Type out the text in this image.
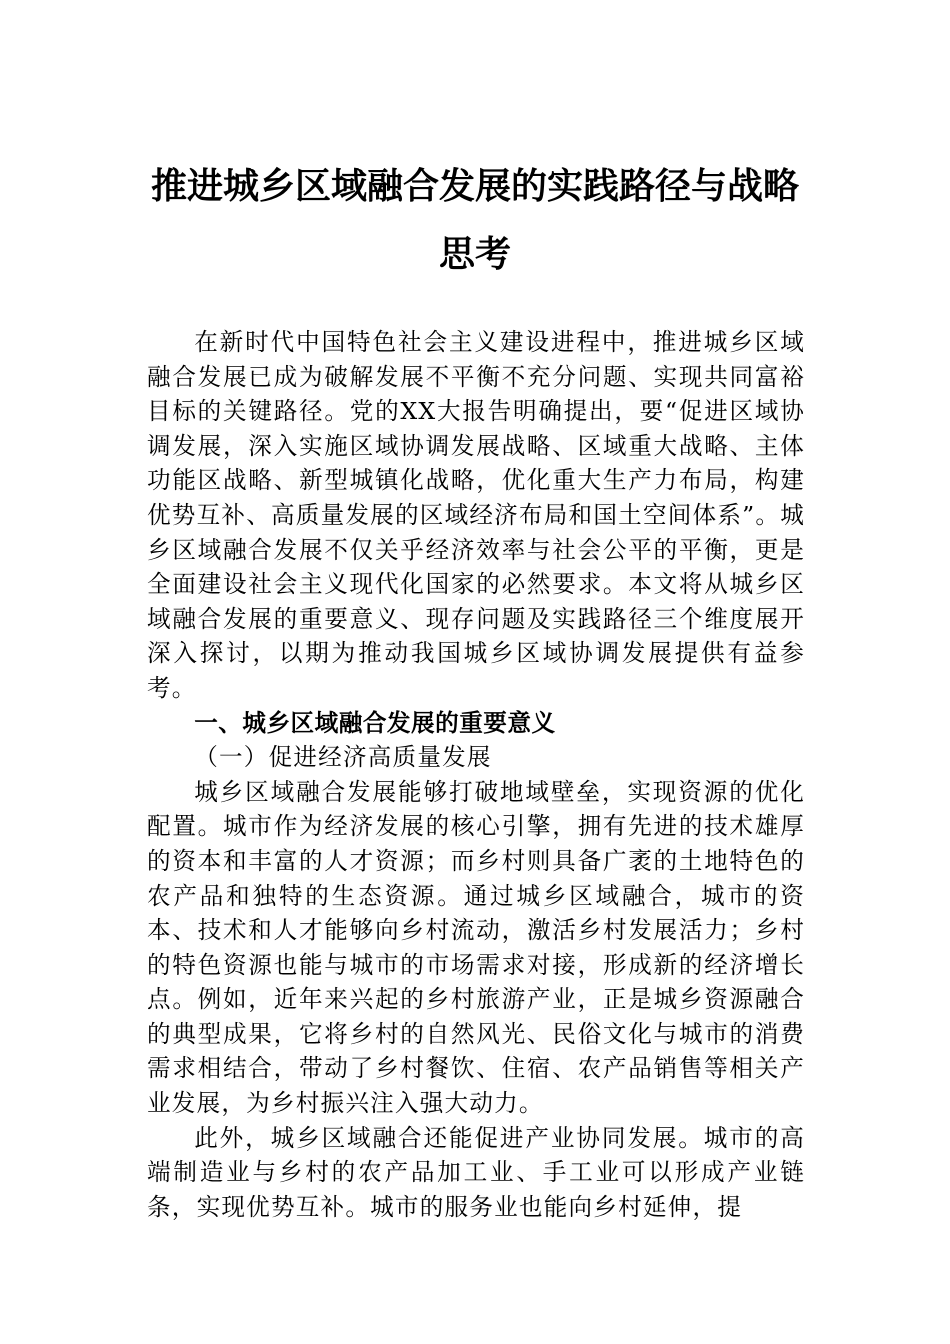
推进城乡区域融合发展的实践路径与战略
思考

在新时代中国特色社会主义建设进程中，推进城乡区域融合发展已成为破解发展不平衡不充分问题、实现共同富裕目标的关键路径。党的XX大报告明确提出，要“促进区域协调发展，深入实施区域协调发展战略、区域重大战略、主体功能区战略、新型城镇化战略，优化重大生产力布局，构建优势互补、高质量发展的区域经济布局和国土空间体系”。城乡区域融合发展不仅关乎经济效率与社会公平的平衡，更是全面建设社会主义现代化国家的必然要求。本文将从城乡区域融合发展的重要意义、现存问题及实践路径三个维度展开深入探讨，以期为推动我国城乡区域协调发展提供有益参考。

一、城乡区域融合发展的重要意义
（一）促进经济高质量发展

城乡区域融合发展能够打破地域壁垒，实现资源的优化配置。城市作为经济发展的核心引擎，拥有先进的技术雄厚的资本和丰富的人才资源；而乡村则具备广袤的土地特色的农产品和独特的生态资源。通过城乡区域融合，城市的资本、技术和人才能够向乡村流动，激活乡村发展活力；乡村的特色资源也能与城市的市场需求对接，形成新的经济增长点。例如，近年来兴起的乡村旅游产业，正是城乡资源融合的典型成果，它将乡村的自然风光、民俗文化与城市的消费需求相结合，带动了乡村餐饮、住宿、农产品销售等相关产业发展，为乡村振兴注入强大动力。

此外，城乡区域融合还能促进产业协同发展。城市的高端制造业与乡村的农产品加工业、手工业可以形成产业链条，实现优势互补。城市的服务业也能向乡村延伸，提
